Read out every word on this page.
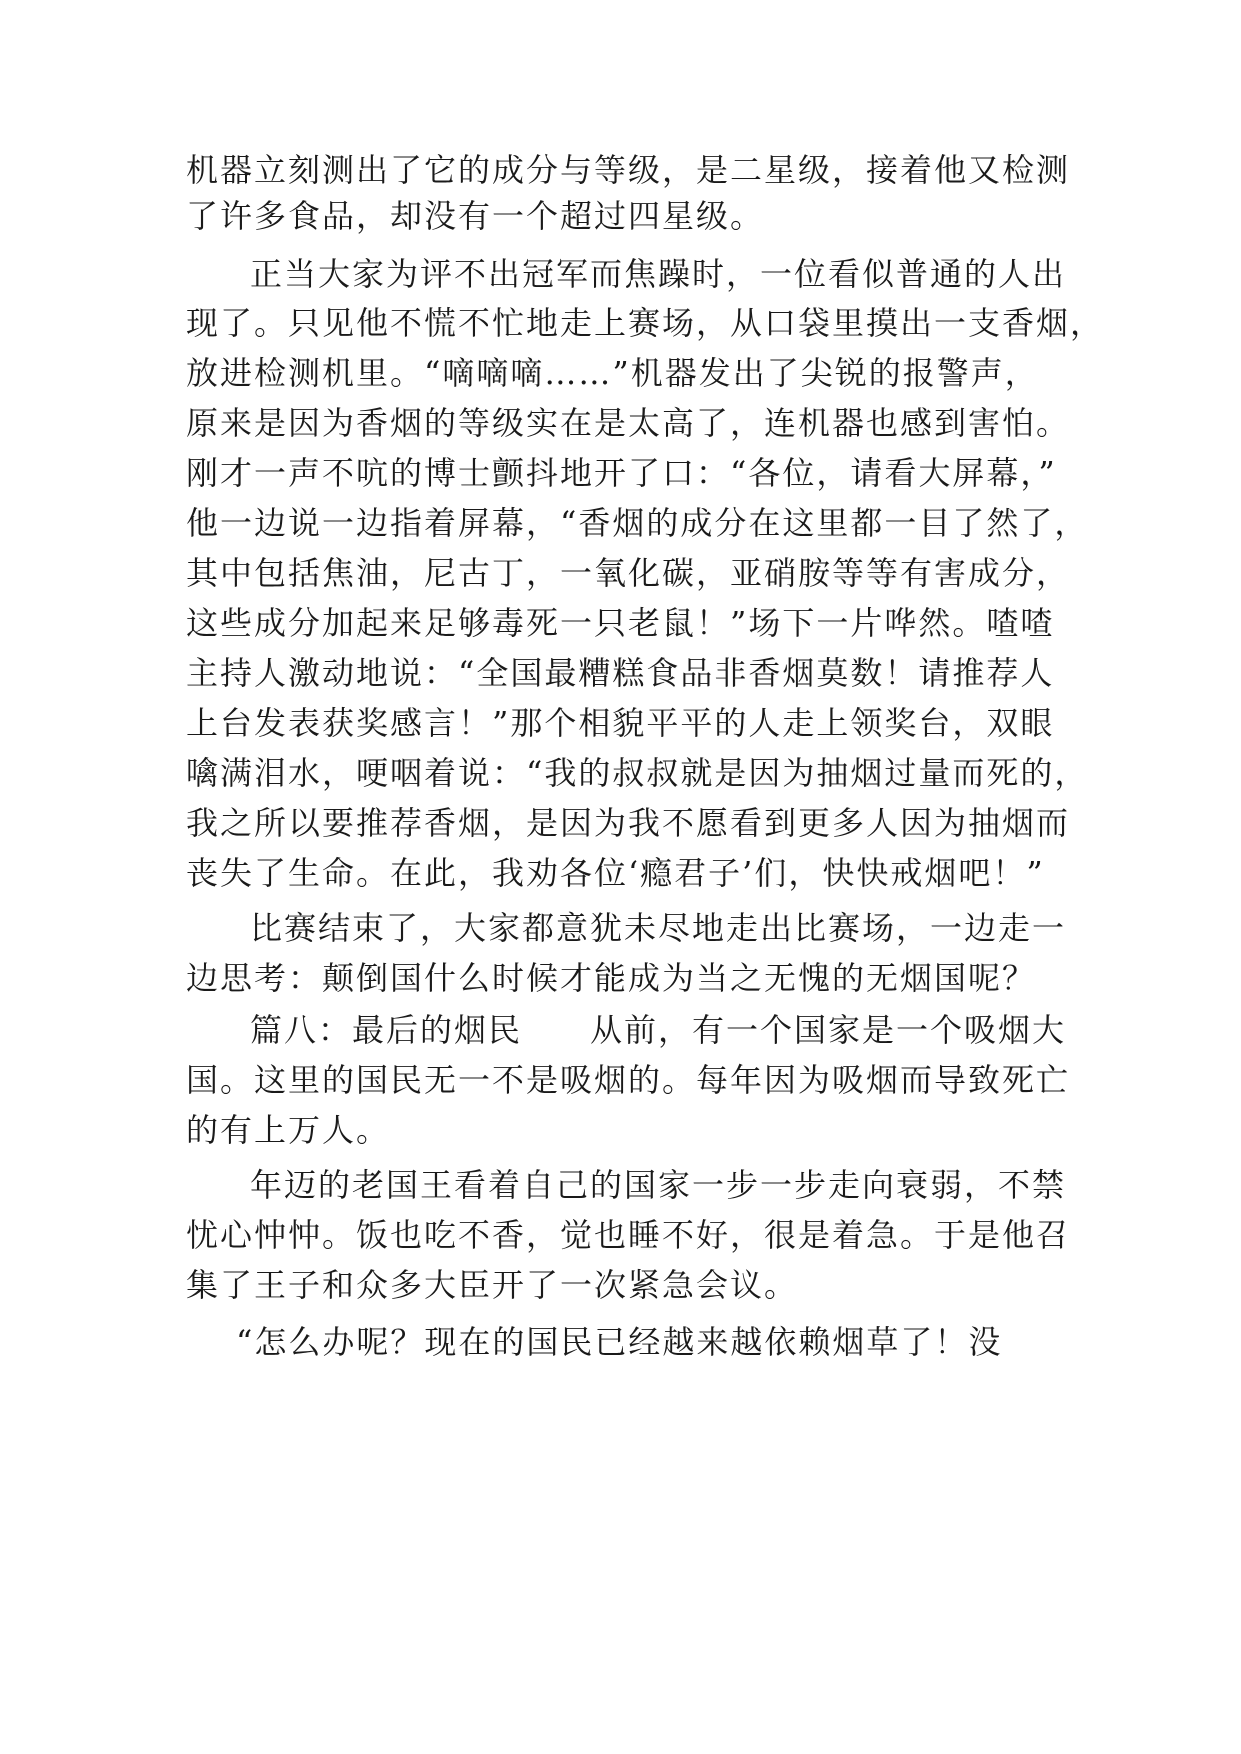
机器立刻测出了它的成分与等级，是二星级，接着他又检测
了许多食品，却没有一个超过四星级。
正当大家为评不出冠军而焦躁时，一位看似普通的人出
现了。只见他不慌不忙地走上赛场，从口袋里摸出一支香烟，
放进检测机里。“嘀嘀嘀……”机器发出了尖锐的报警声，
原来是因为香烟的等级实在是太高了，连机器也感到害怕。
刚才一声不吭的博士颤抖地开了口：“各位，请看大屏幕，”
他一边说一边指着屏幕，“香烟的成分在这里都一目了然了，
其中包括焦油，尼古丁，一氧化碳，亚硝胺等等有害成分，
这些成分加起来足够毒死一只老鼠！”场下一片哗然。喳喳
主持人激动地说：“全国最糟糕食品非香烟莫数！请推荐人
上台发表获奖感言！”那个相貌平平的人走上领奖台，双眼
噙满泪水，哽咽着说：“我的叔叔就是因为抽烟过量而死的，
我之所以要推荐香烟，是因为我不愿看到更多人因为抽烟而
丧失了生命。在此，我劝各位‘瘾君子’们，快快戒烟吧！”
比赛结束了，大家都意犹未尽地走出比赛场，一边走一
边思考：颠倒国什么时候才能成为当之无愧的无烟国呢？
篇八：最后的烟民　　从前，有一个国家是一个吸烟大
国。这里的国民无一不是吸烟的。每年因为吸烟而导致死亡
的有上万人。
年迈的老国王看着自己的国家一步一步走向衰弱，不禁
忧心忡忡。饭也吃不香，觉也睡不好，很是着急。于是他召
集了王子和众多大臣开了一次紧急会议。
“怎么办呢？现在的国民已经越来越依赖烟草了！没
